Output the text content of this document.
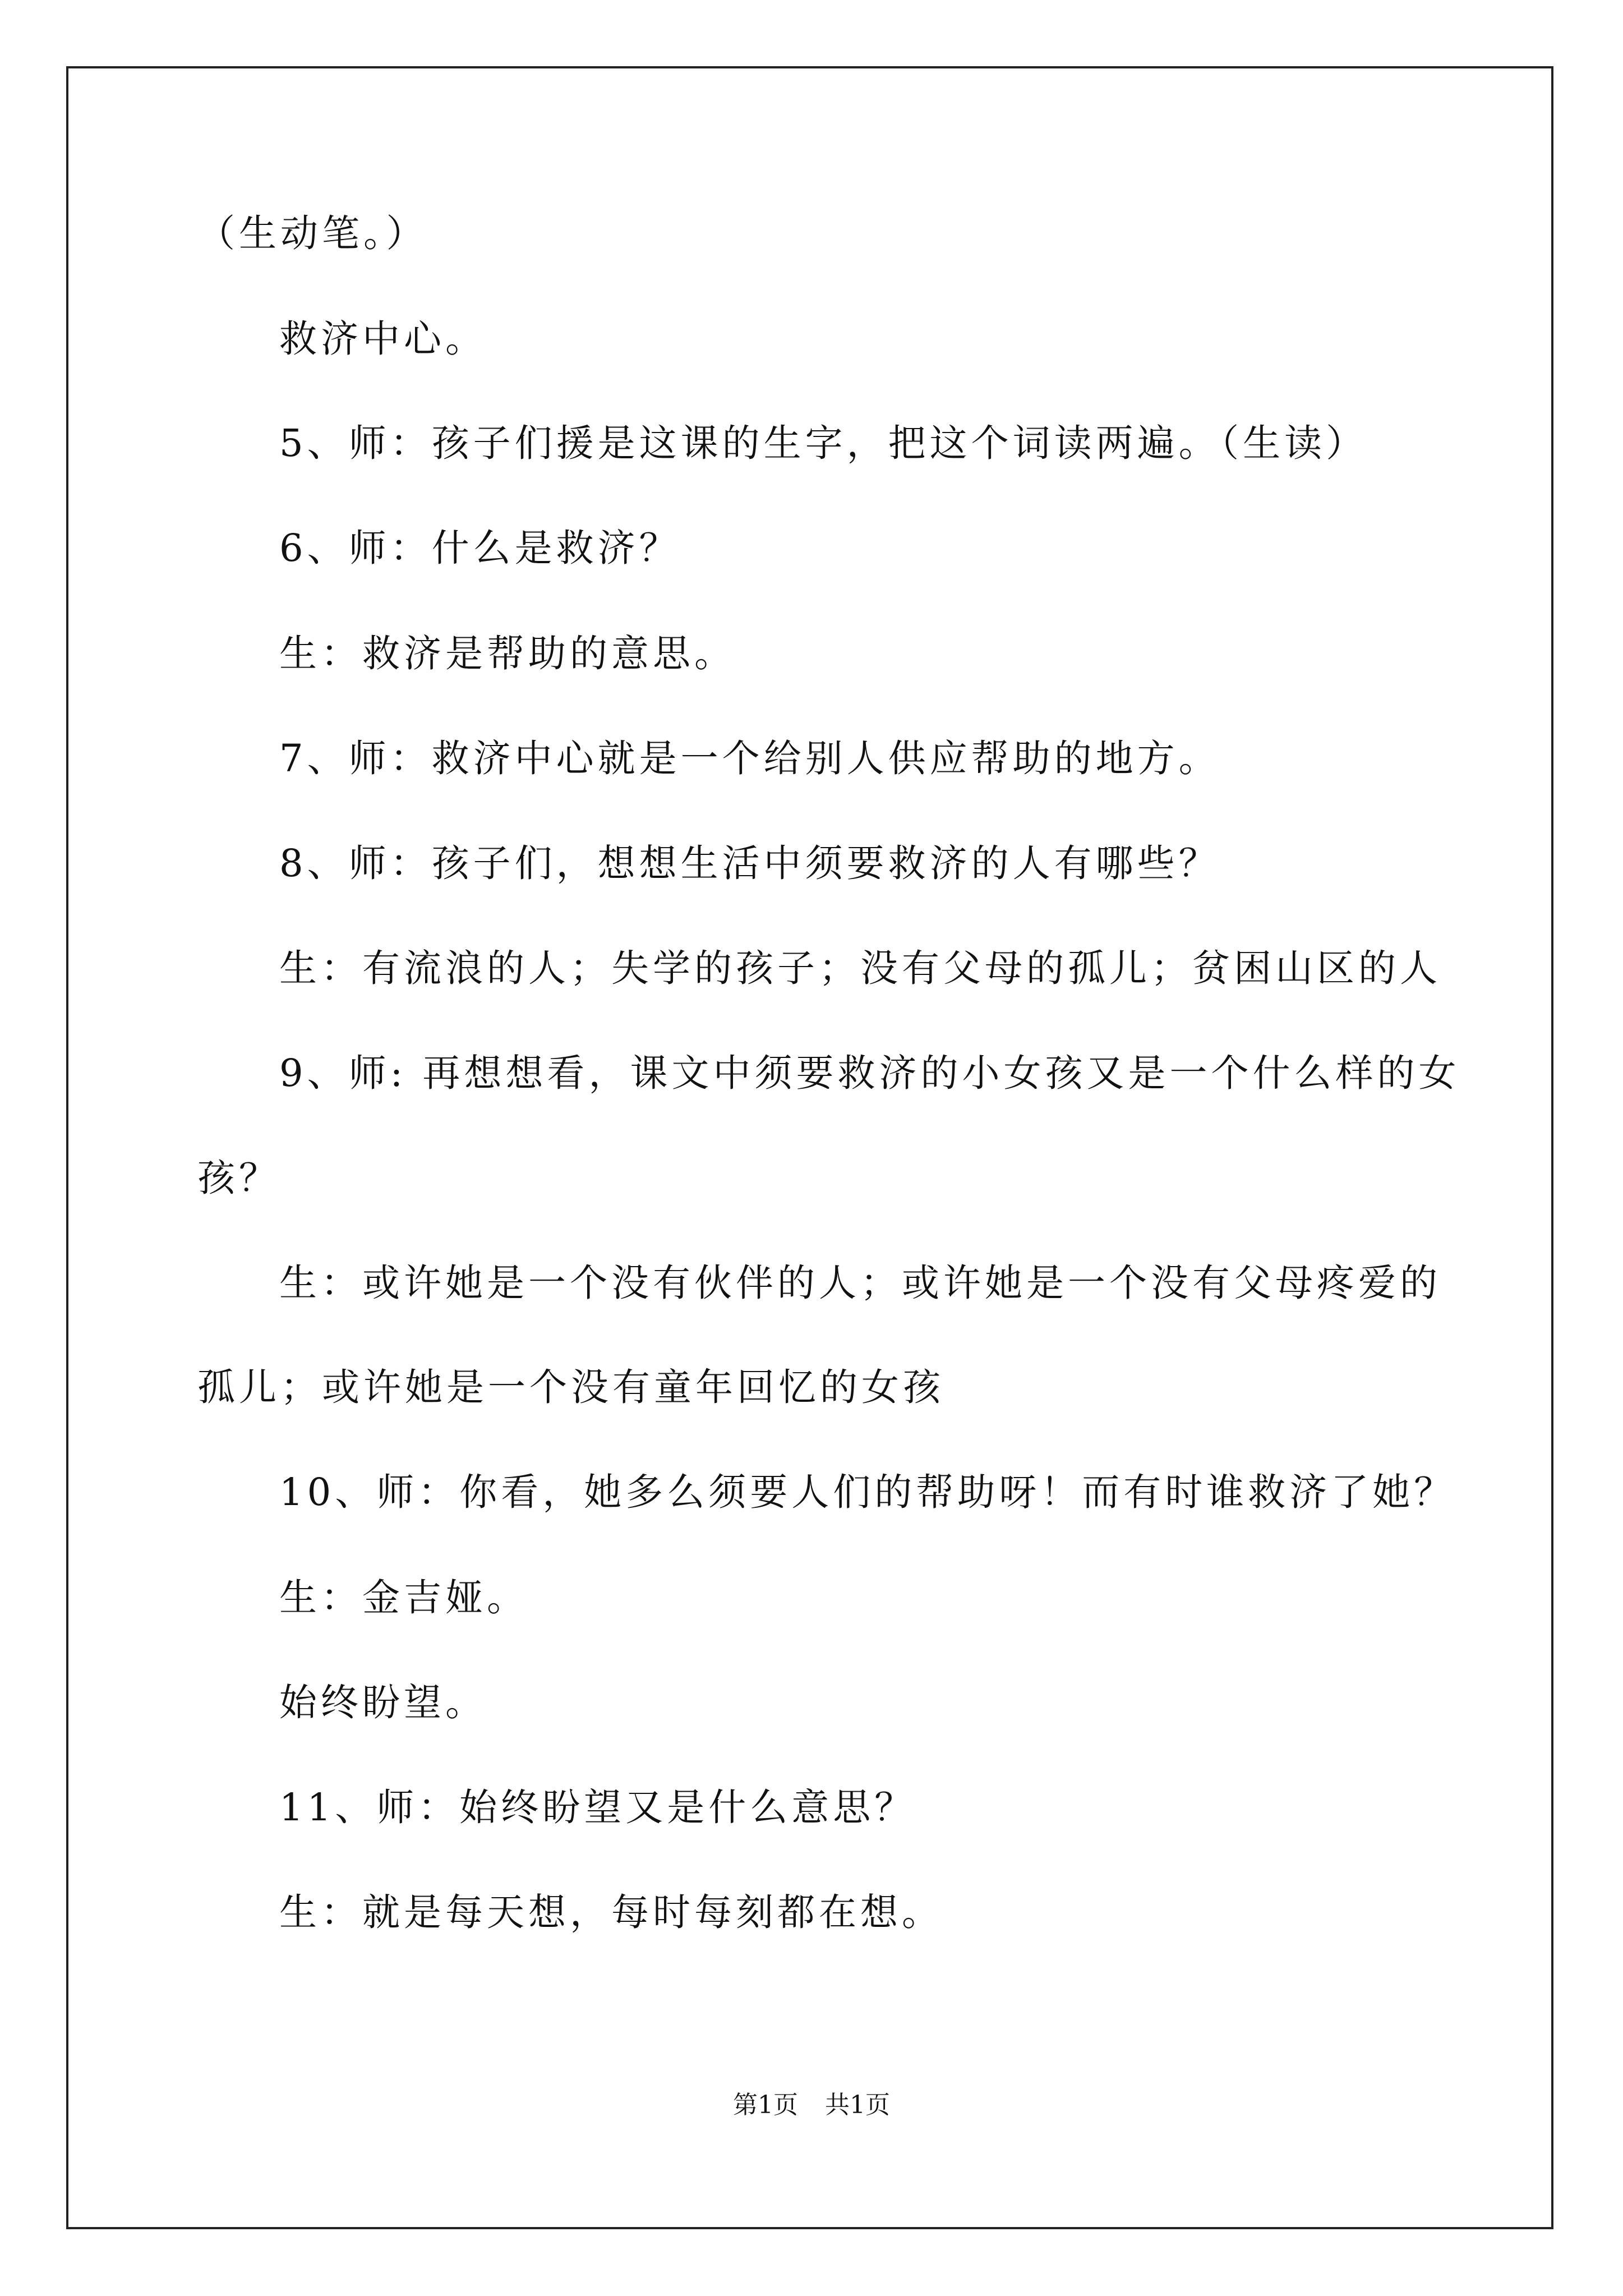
（生动笔。）
救济中心。
5、师：孩子们援是这课的生字，把这个词读两遍。（生读）
6、师：什么是救济？
生：救济是帮助的意思。
7、师：救济中心就是一个给别人供应帮助的地方。
8、师：孩子们，想想生活中须要救济的人有哪些？
生：有流浪的人；失学的孩子；没有父母的孤儿；贫困山区的人
9、师: 再想想看，课文中须要救济的小女孩又是一个什么样的女
孩？
生：或许她是一个没有伙伴的人；或许她是一个没有父母疼爱的
孤儿；或许她是一个没有童年回忆的女孩
10、师：你看，她多么须要人们的帮助呀！而有时谁救济了她？
生：金吉娅。
始终盼望。
11、师：始终盼望又是什么意思？
生：就是每天想，每时每刻都在想。
第1页 共1页
